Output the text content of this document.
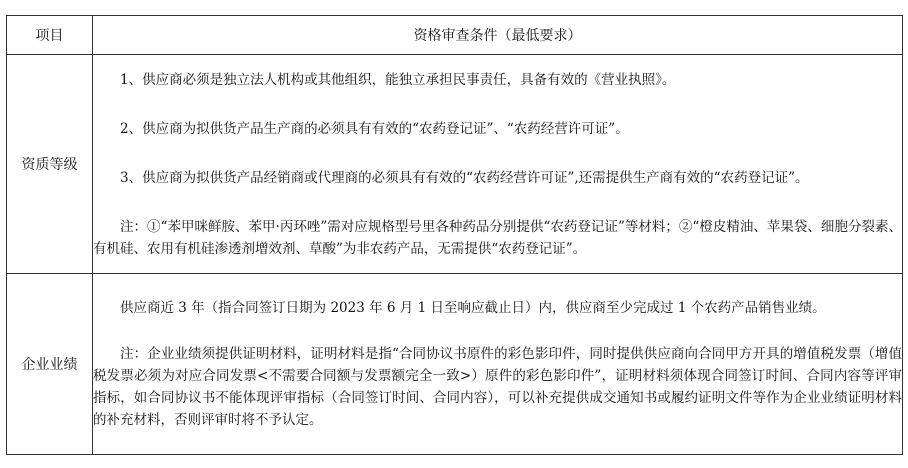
项目	资格审查条件（最低要求）
资质等级	1、供应商必须是独立法人机构或其他组织，能独立承担民事责任，具备有效的《营业执照》。
2、供应商为拟供货产品生产商的必须具有有效的“农药登记证”、“农药经营许可证”。
3、供应商为拟供货产品经销商或代理商的必须具有有效的“农药经营许可证”,还需提供生产商有效的“农药登记证”。
注：①“苯甲咪鲜胺、苯甲·丙环唑”需对应规格型号里各种药品分别提供“农药登记证”等材料；②“橙皮精油、苹果袋、细胞分裂素、有机硅、农用有机硅渗透剂增效剂、草酸”为非农药产品，无需提供“农药登记证”。

企业业绩	供应商近 3 年（指合同签订日期为 2023 年 6 月 1 日至响应截止日）内，供应商至少完成过 1 个农药产品销售业绩。
注：企业业绩须提供证明材料，证明材料是指“合同协议书原件的彩色影印件，同时提供供应商向合同甲方开具的增值税发票（增值税发票必须为对应合同发票<不需要合同额与发票额完全一致>）原件的彩色影印件”，证明材料须体现合同签订时间、合同内容等评审指标，如合同协议书不能体现评审指标（合同签订时间、合同内容），可以补充提供成交通知书或履约证明文件等作为企业业绩证明材料的补充材料，否则评审时将不予认定。
